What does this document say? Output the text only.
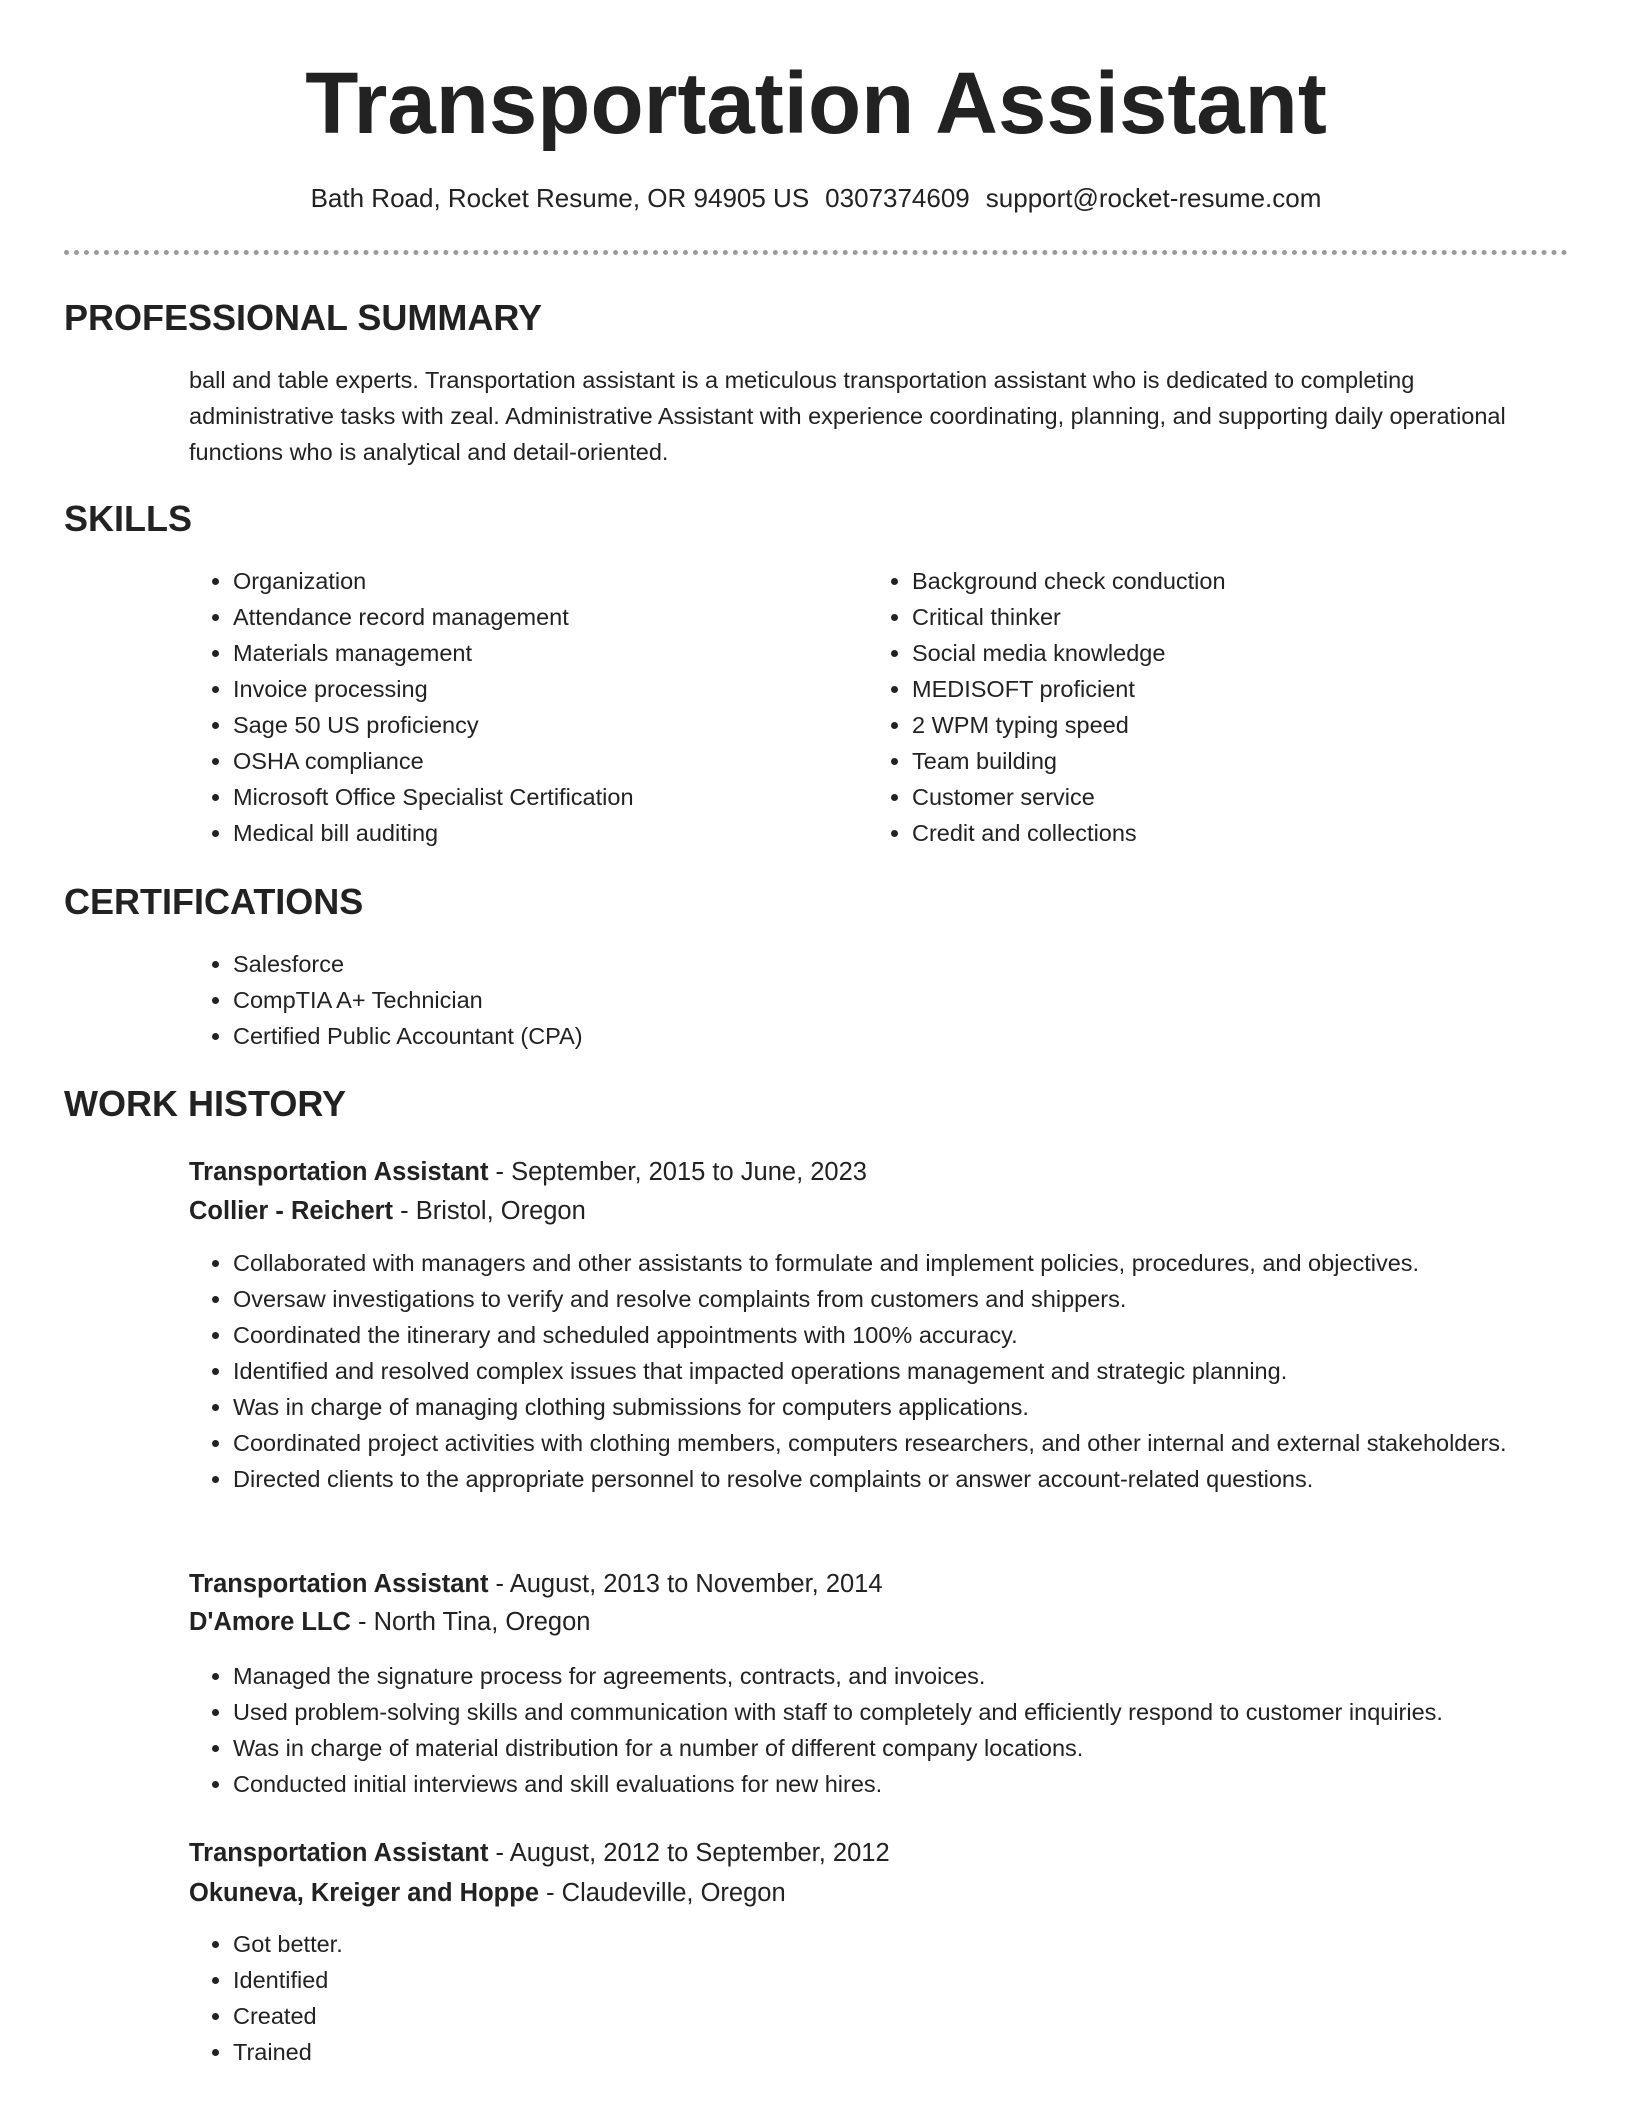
Transportation Assistant
Bath Road, Rocket Resume, OR 94905 US 0307374609 support@rocket-resume.com
PROFESSIONAL SUMMARY

ball and table experts. Transportation assistant is a meticulous transportation assistant who is dedicated to completing administrative tasks with zeal. Administrative Assistant with experience coordinating, planning, and supporting daily operational functions who is analytical and detail-oriented.

SKILLS
• Organization
• Attendance record management
• Materials management
• Invoice processing
• Sage 50 US proficiency
• OSHA compliance
• Microsoft Office Specialist Certification
• Medical bill auditing
• Background check conduction
• Critical thinker
• Social media knowledge
• MEDISOFT proficient
• 2 WPM typing speed
• Team building
• Customer service
• Credit and collections
CERTIFICATIONS
• Salesforce
• CompTIA A+ Technician
• Certified Public Accountant (CPA)
WORK HISTORY
Transportation Assistant - September, 2015 to June, 2023
Collier - Reichert - Bristol, Oregon
• Collaborated with managers and other assistants to formulate and implement policies, procedures, and objectives.
• Oversaw investigations to verify and resolve complaints from customers and shippers.
• Coordinated the itinerary and scheduled appointments with 100% accuracy.
• Identified and resolved complex issues that impacted operations management and strategic planning.
• Was in charge of managing clothing submissions for computers applications.
• Coordinated project activities with clothing members, computers researchers, and other internal and external stakeholders.
• Directed clients to the appropriate personnel to resolve complaints or answer account-related questions.
Transportation Assistant - August, 2013 to November, 2014
D'Amore LLC - North Tina, Oregon
• Managed the signature process for agreements, contracts, and invoices.
• Used problem-solving skills and communication with staff to completely and efficiently respond to customer inquiries.
• Was in charge of material distribution for a number of different company locations.
• Conducted initial interviews and skill evaluations for new hires.
Transportation Assistant - August, 2012 to September, 2012
Okuneva, Kreiger and Hoppe - Claudeville, Oregon
• Got better.
• Identified
• Created
• Trained
